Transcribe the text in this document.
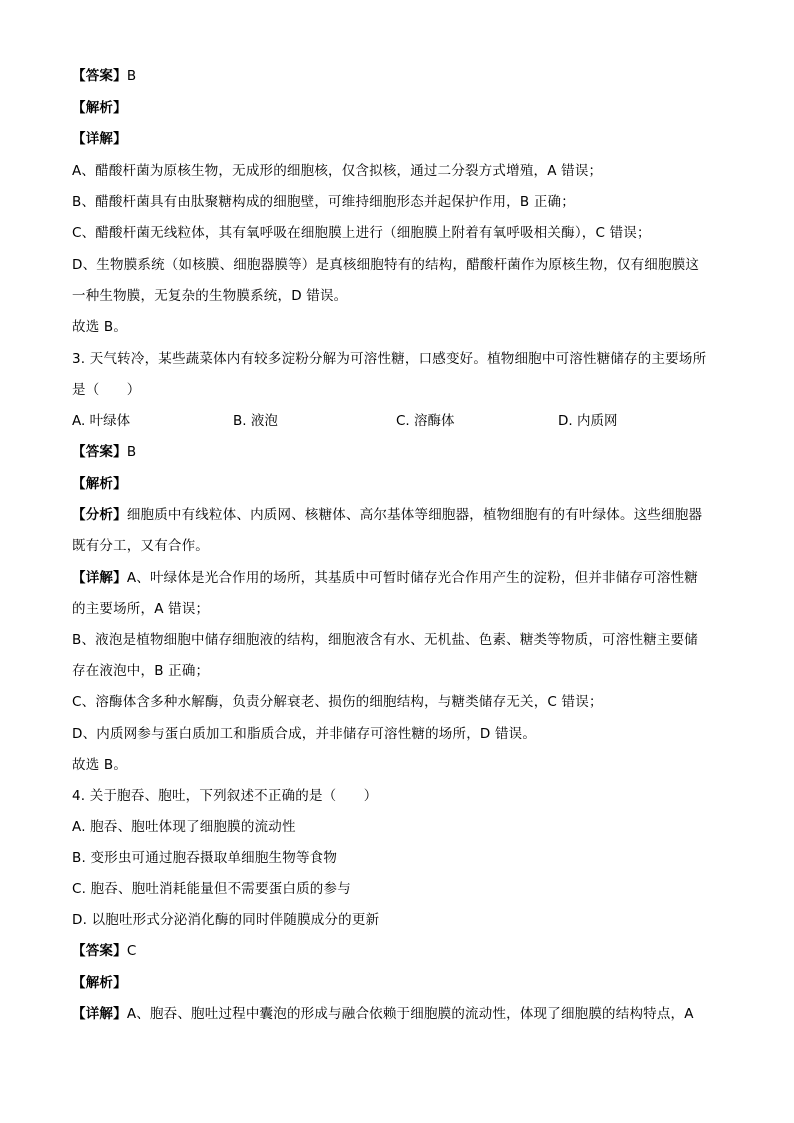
【答案】B
【解析】
【详解】
A、醋酸杆菌为原核生物，无成形的细胞核，仅含拟核，通过二分裂方式增殖，A 错误；
B、醋酸杆菌具有由肽聚糖构成的细胞壁，可维持细胞形态并起保护作用，B 正确；
C、醋酸杆菌无线粒体，其有氧呼吸在细胞膜上进行（细胞膜上附着有氧呼吸相关酶），C 错误；
D、生物膜系统（如核膜、细胞器膜等）是真核细胞特有的结构，醋酸杆菌作为原核生物，仅有细胞膜这
一种生物膜，无复杂的生物膜系统，D 错误。
故选 B。
3. 天气转冷，某些蔬菜体内有较多淀粉分解为可溶性糖，口感变好。植物细胞中可溶性糖储存的主要场所
是（　　）
A. 叶绿体	B. 液泡	C. 溶酶体	D. 内质网
【答案】B
【解析】
【分析】细胞质中有线粒体、内质网、核糖体、高尔基体等细胞器，植物细胞有的有叶绿体。这些细胞器
既有分工，又有合作。
【详解】A、叶绿体是光合作用的场所，其基质中可暂时储存光合作用产生的淀粉，但并非储存可溶性糖
的主要场所，A 错误；
B、液泡是植物细胞中储存细胞液的结构，细胞液含有水、无机盐、色素、糖类等物质，可溶性糖主要储
存在液泡中，B 正确；
C、溶酶体含多种水解酶，负责分解衰老、损伤的细胞结构，与糖类储存无关，C 错误；
D、内质网参与蛋白质加工和脂质合成，并非储存可溶性糖的场所，D 错误。
故选 B。
4. 关于胞吞、胞吐，下列叙述不正确的是（　　）
A. 胞吞、胞吐体现了细胞膜的流动性
B. 变形虫可通过胞吞摄取单细胞生物等食物
C. 胞吞、胞吐消耗能量但不需要蛋白质的参与
D. 以胞吐形式分泌消化酶的同时伴随膜成分的更新
【答案】C
【解析】
【详解】A、胞吞、胞吐过程中囊泡的形成与融合依赖于细胞膜的流动性，体现了细胞膜的结构特点，A
